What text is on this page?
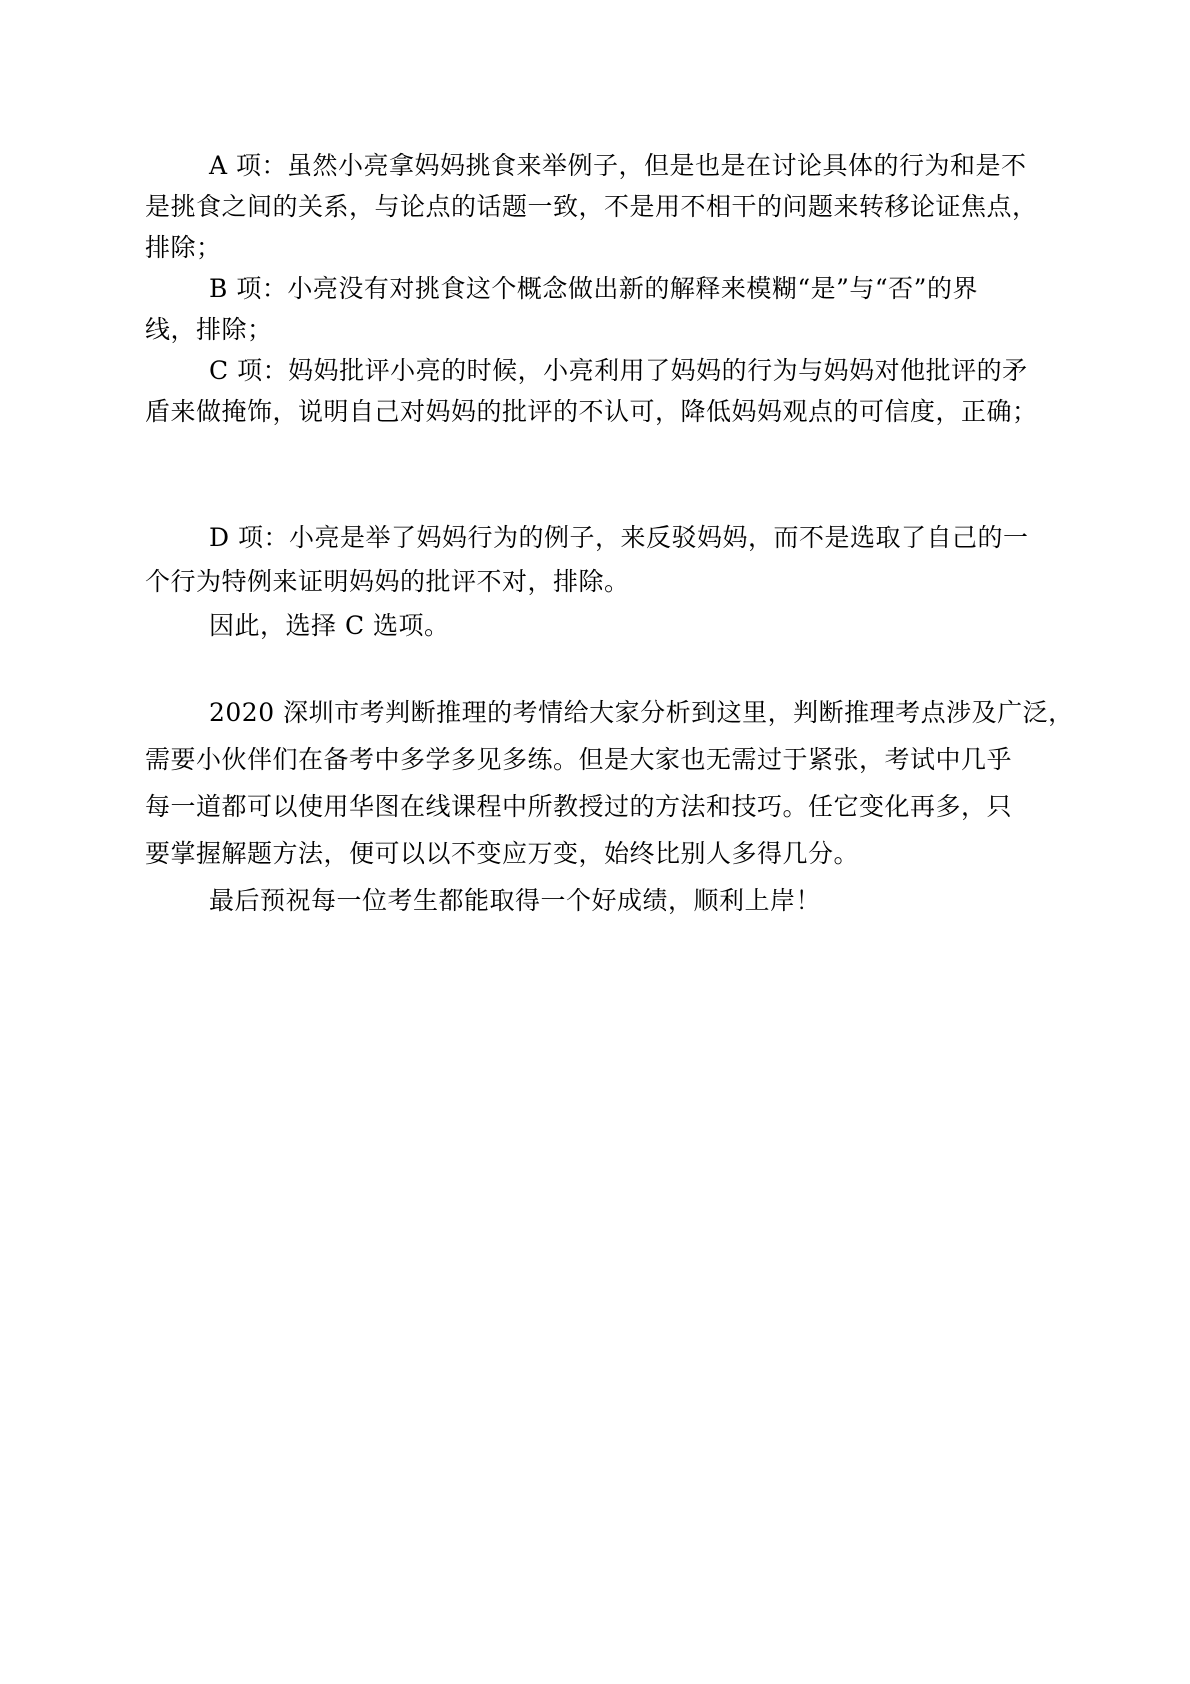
A 项：虽然小亮拿妈妈挑食来举例子，但是也是在讨论具体的行为和是不
是挑食之间的关系，与论点的话题一致，不是用不相干的问题来转移论证焦点，
排除；
B 项：小亮没有对挑食这个概念做出新的解释来模糊“是”与“否”的界
线，排除；
C 项：妈妈批评小亮的时候，小亮利用了妈妈的行为与妈妈对他批评的矛
盾来做掩饰，说明自己对妈妈的批评的不认可，降低妈妈观点的可信度，正确；
D 项：小亮是举了妈妈行为的例子，来反驳妈妈，而不是选取了自己的一
个行为特例来证明妈妈的批评不对，排除。
因此，选择 C 选项。
2020 深圳市考判断推理的考情给大家分析到这里，判断推理考点涉及广泛，
需要小伙伴们在备考中多学多见多练。但是大家也无需过于紧张，考试中几乎
每一道都可以使用华图在线课程中所教授过的方法和技巧。任它变化再多，只
要掌握解题方法，便可以以不变应万变，始终比别人多得几分。
最后预祝每一位考生都能取得一个好成绩，顺利上岸！
